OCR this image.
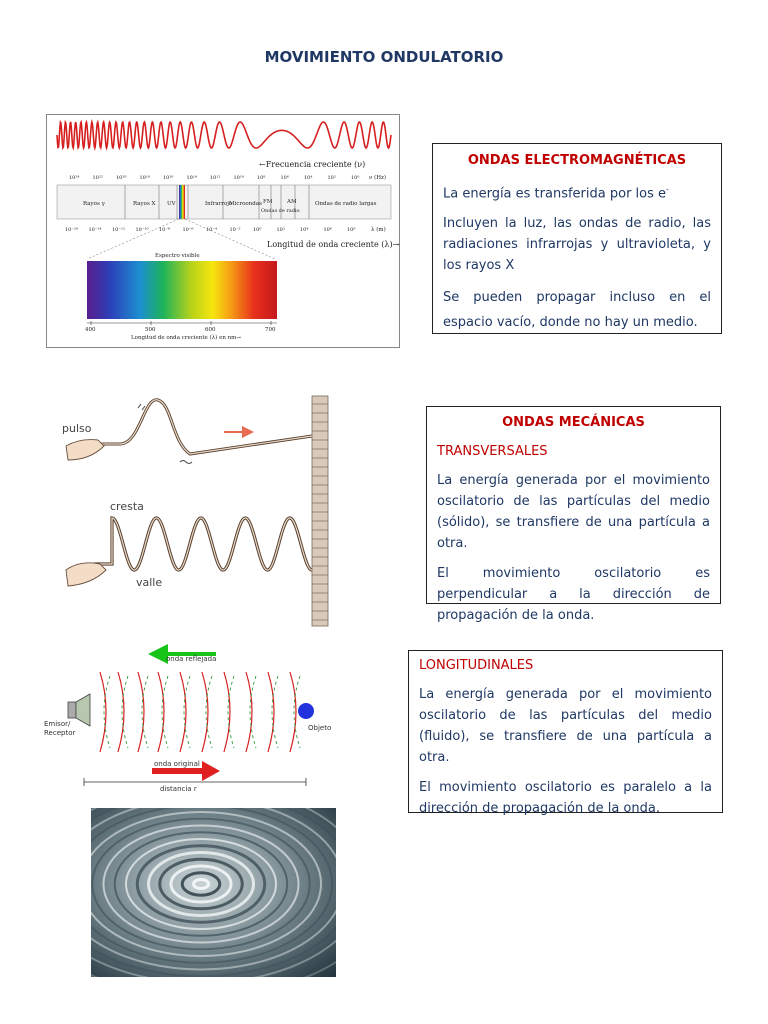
MOVIMIENTO ONDULATORIO
←Frecuencia creciente (ν)
10²⁴	10²²	10²⁰	10¹⁸	10¹⁶	10¹⁴	10¹²	10¹⁰	10⁸	10⁶	10⁴	10²	10⁰ ν (Hz)
Rayos γ	Rayos X UV	Infrarrojo
Microondas FM	AM
Ondas de radio
Ondas de radio largas
10⁻¹⁶ 10⁻¹⁴ 10⁻¹² 10⁻¹⁰ 10⁻⁸ 10⁻⁶ 10⁻⁴ 10⁻² 10⁰	10²	10⁴	10⁶	10⁸	λ (m)
Longitud de onda creciente (λ)→
Espectro visible
400	500	600	700
Longitud de onda creciente (λ) en nm→
ONDAS ELECTROMAGNÉTICAS

La energía es transferida por los e-

Incluyen la luz, las ondas de radio, las radiaciones infrarrojas y ultravioleta, y los rayos X

Se pueden propagar incluso en el espacio vacío, donde no hay un medio.

pulso
cresta
valle
ONDAS MECÁNICAS
TRANSVERSALES

La energía generada por el movimiento oscilatorio de las partículas del medio (sólido), se transfiere de una partícula a otra.

El movimiento oscilatorio es perpendicular a la dirección de propagación de la onda.

onda reflejada
Emisor/
Receptor
Objeto
onda original
distancia r
LONGITUDINALES

La energía generada por el movimiento oscilatorio de las partículas del medio (fluido), se transfiere de una partícula a otra.

El movimiento oscilatorio es paralelo a la dirección de propagación de la onda.
